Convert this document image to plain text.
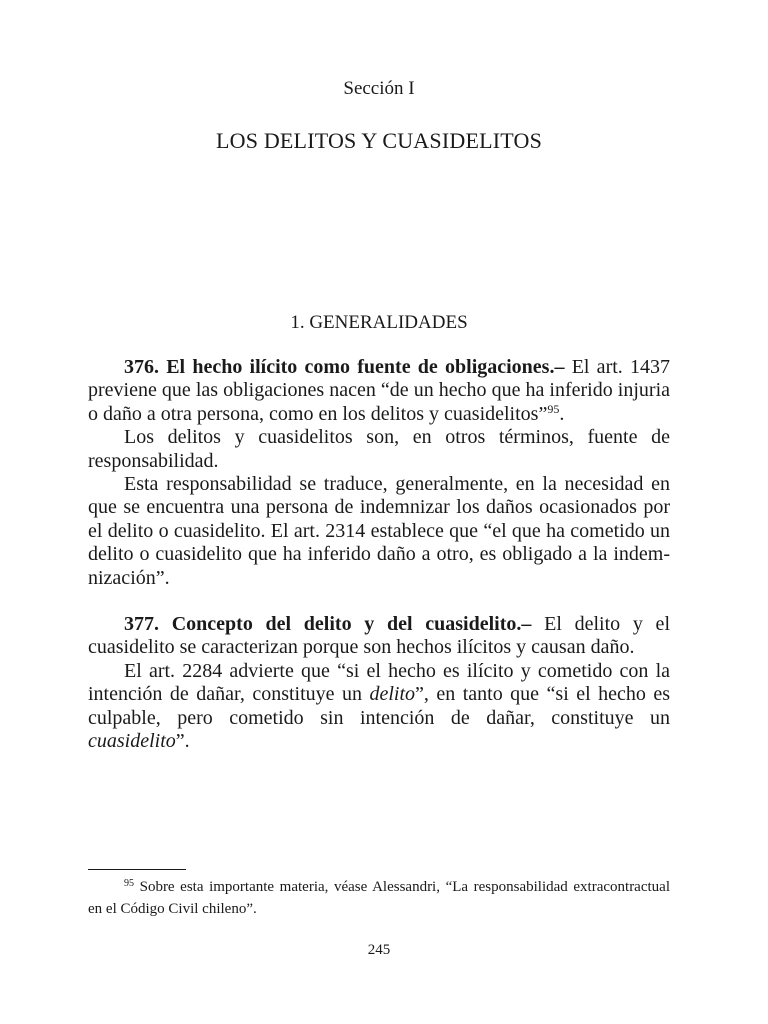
Sección I
LOS DELITOS Y CUASIDELITOS
1. GENERALIDADES

376. El hecho ilícito como fuente de obligaciones.– El art. 1437 previene que las obligaciones nacen “de un hecho que ha inferido injuria o daño a otra persona, como en los delitos y cuasidelitos”$^{95}$.

Los delitos y cuasidelitos son, en otros términos, fuente de responsabilidad.

Esta responsabilidad se traduce, generalmente, en la necesidad en que se encuentra una persona de indemnizar los daños ocasionados por el delito o cuasidelito. El art. 2314 establece que “el que ha cometido un delito o cuasidelito que ha inferido daño a otro, es obligado a la indemnización”.

377. Concepto del delito y del cuasidelito.– El delito y el cuasidelito se caracterizan porque son hechos ilícitos y causan daño.

El art. 2284 advierte que “si el hecho es ilícito y cometido con la intención de dañar, constituye un delito”, en tanto que “si el hecho es culpable, pero cometido sin intención de dañar, constituye un cuasidelito”.

$^{95}$ Sobre esta importante materia, véase Alessandri, “La responsabilidad extracontractual en el Código Civil chileno”.
245
